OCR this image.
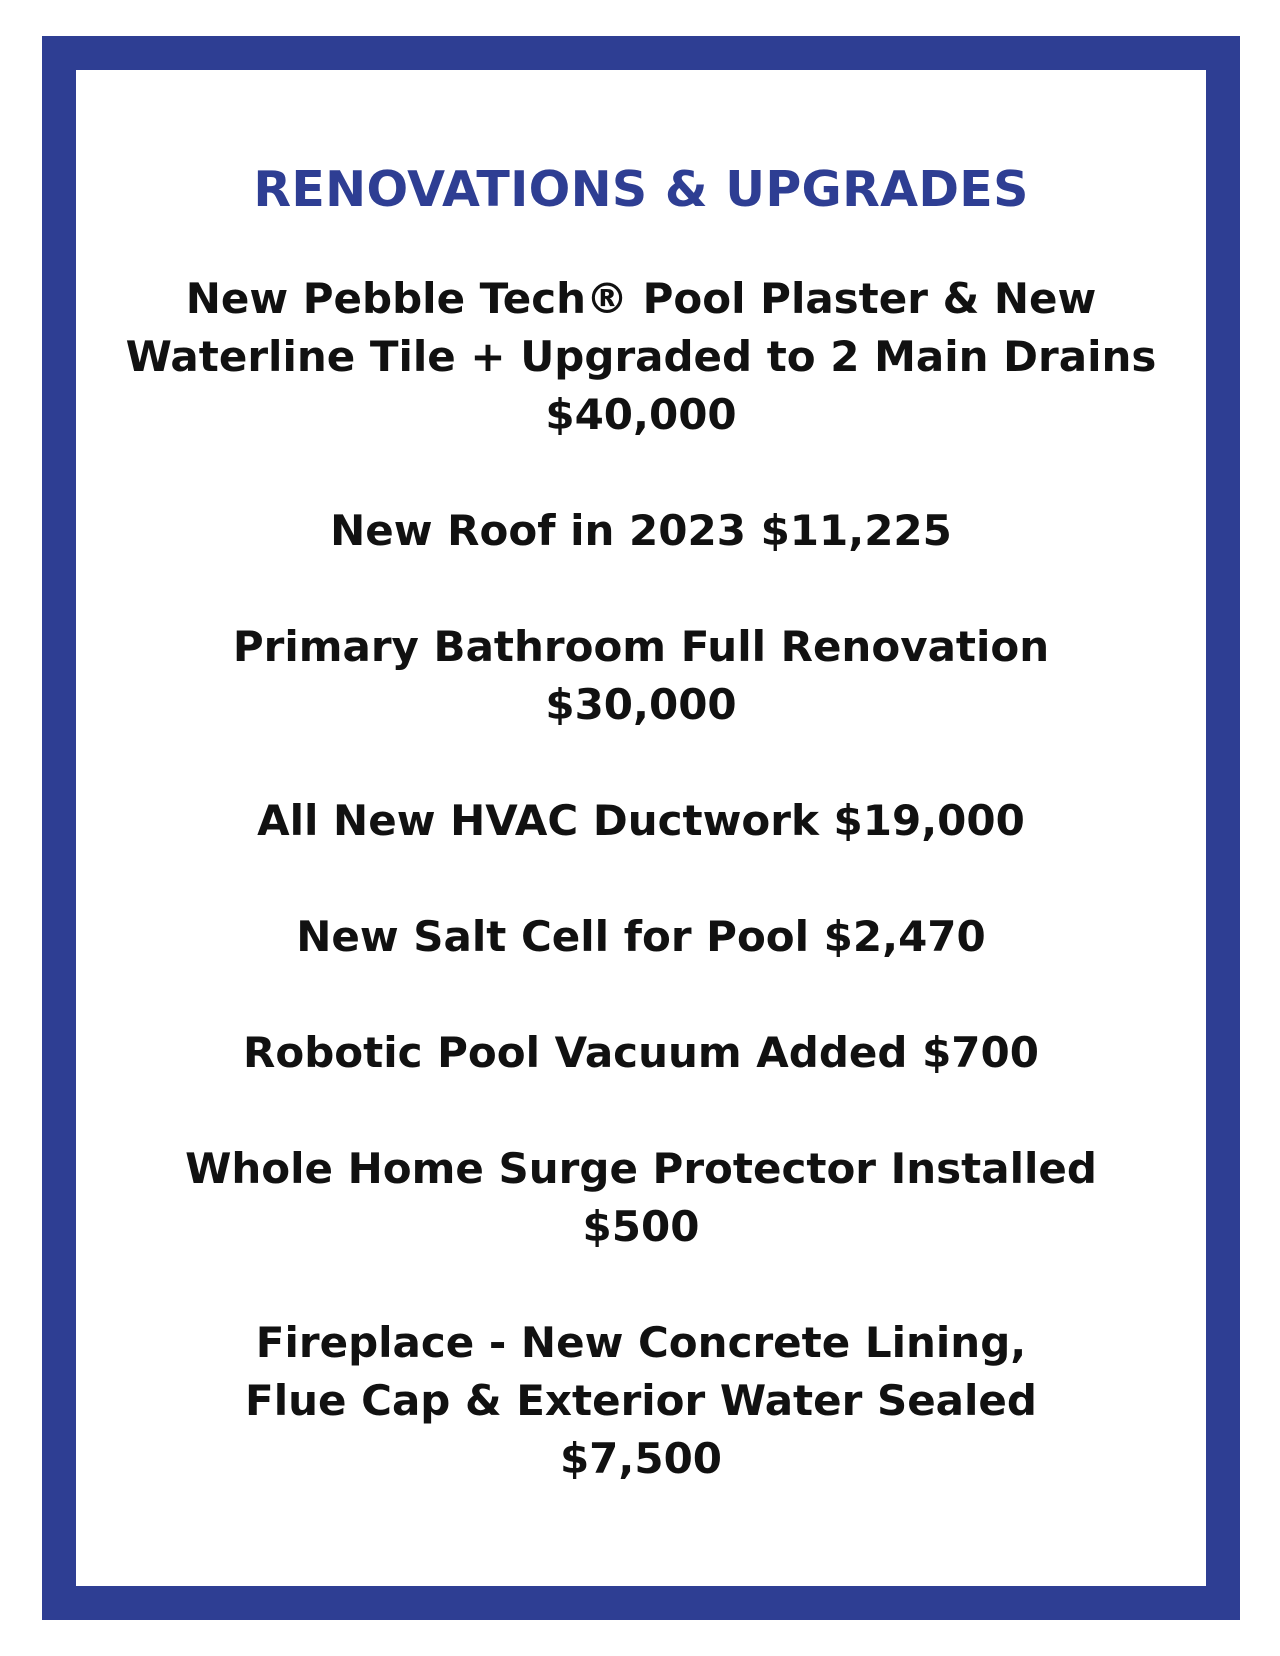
RENOVATIONS & UPGRADES
New Pebble Tech® Pool Plaster & New
Waterline Tile + Upgraded to 2 Main Drains
$40,000
New Roof in 2023 $11,225
Primary Bathroom Full Renovation
$30,000
All New HVAC Ductwork $19,000
New Salt Cell for Pool $2,470
Robotic Pool Vacuum Added $700
Whole Home Surge Protector Installed
$500
Fireplace - New Concrete Lining,
Flue Cap & Exterior Water Sealed
$7,500
